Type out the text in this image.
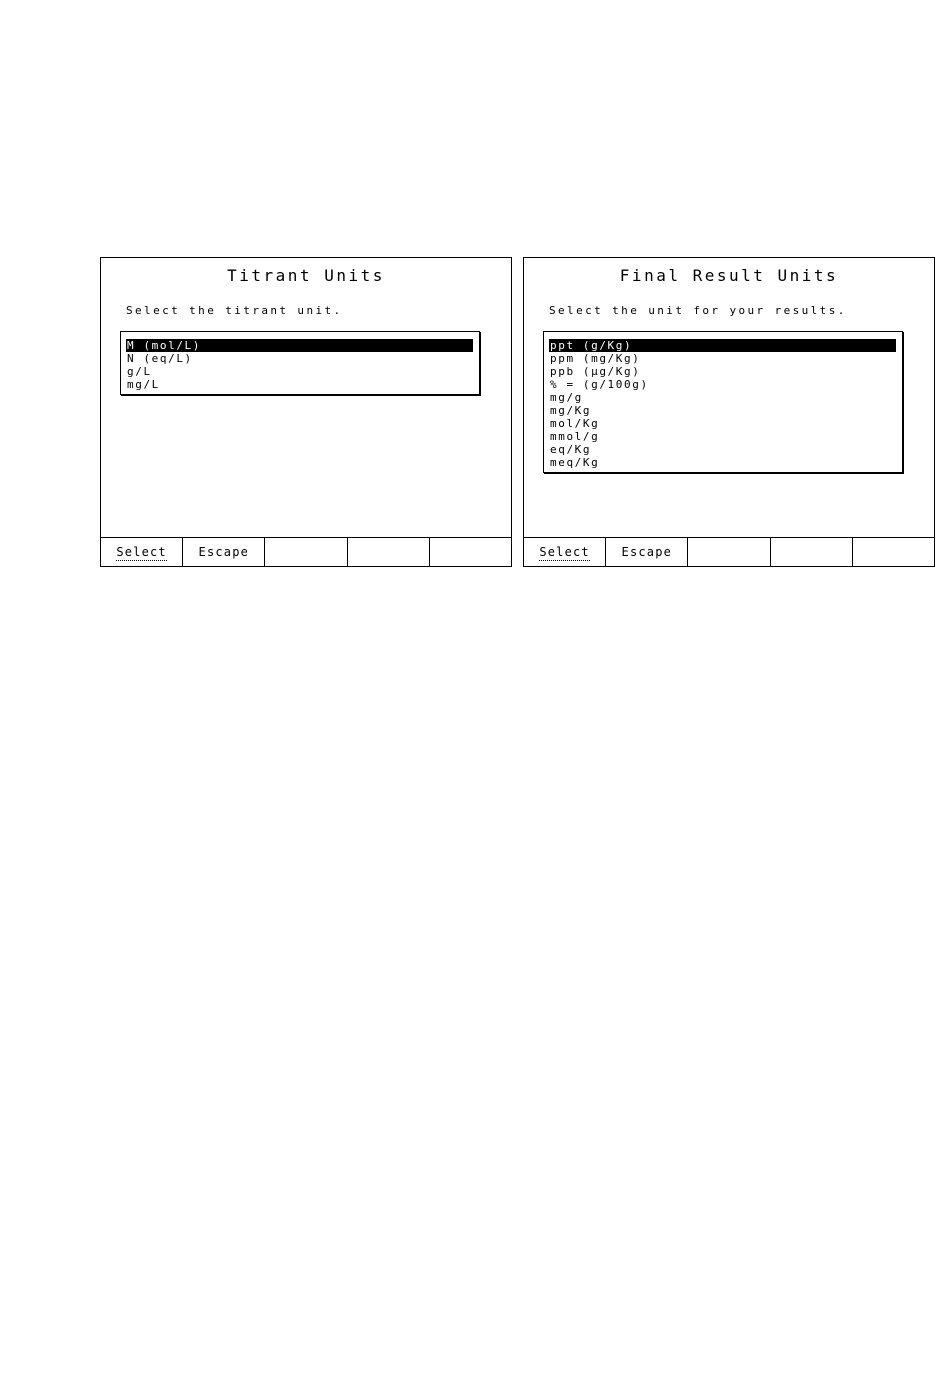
Titrant Units
Select the titrant unit.
M (mol/L)
N (eq/L)
g/L
mg/L
Select	Escape
Final Result Units
Select the unit for your results.
ppt (g/Kg)
ppm (mg/Kg)
ppb (µg/Kg)
% = (g/100g)
mg/g
mg/Kg
mol/Kg
mmol/g
eq/Kg
meq/Kg
Select	Escape
